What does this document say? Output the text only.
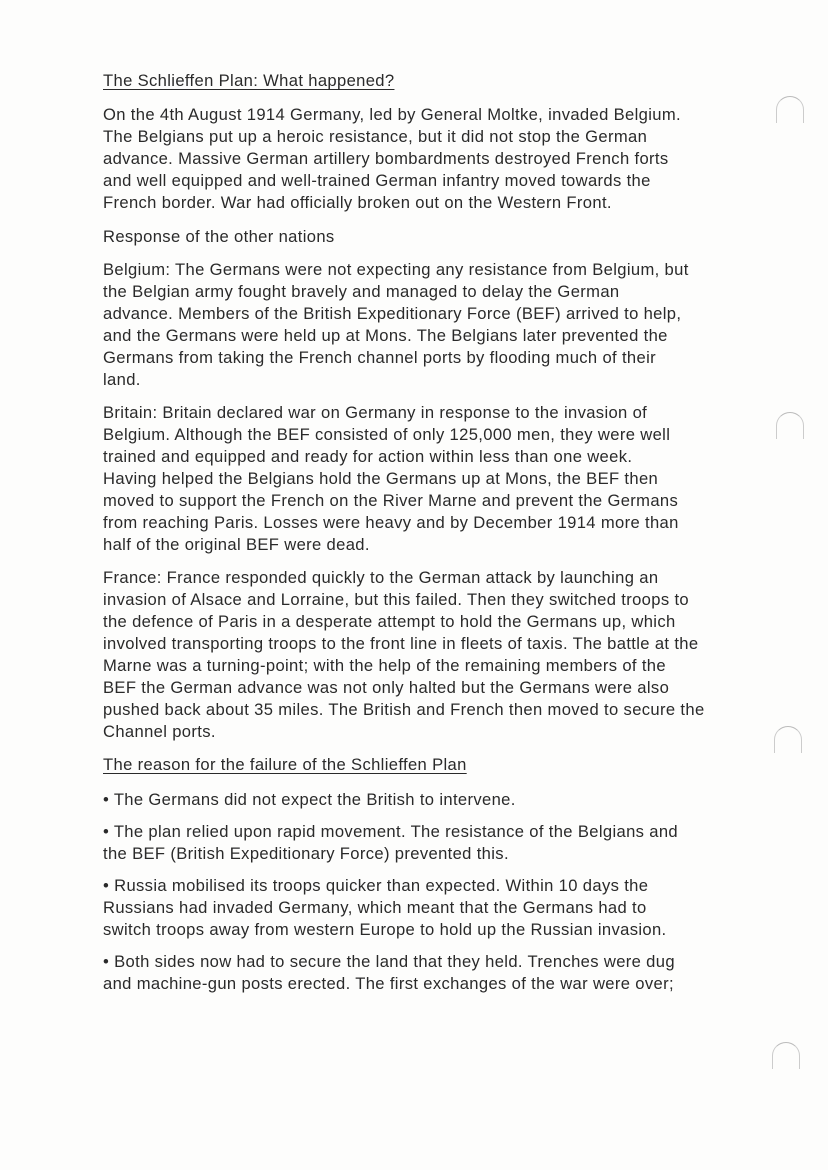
The Schlieffen Plan: What happened?
On the 4th August 1914 Germany, led by General Moltke, invaded Belgium.
The Belgians put up a heroic resistance, but it did not stop the German
advance. Massive German artillery bombardments destroyed French forts
and well equipped and well-trained German infantry moved towards the
French border. War had officially broken out on the Western Front.
Response of the other nations
Belgium: The Germans were not expecting any resistance from Belgium, but
the Belgian army fought bravely and managed to delay the German
advance. Members of the British Expeditionary Force (BEF) arrived to help,
and the Germans were held up at Mons. The Belgians later prevented the
Germans from taking the French channel ports by flooding much of their
land.
Britain: Britain declared war on Germany in response to the invasion of
Belgium. Although the BEF consisted of only 125,000 men, they were well
trained and equipped and ready for action within less than one week.
Having helped the Belgians hold the Germans up at Mons, the BEF then
moved to support the French on the River Marne and prevent the Germans
from reaching Paris. Losses were heavy and by December 1914 more than
half of the original BEF were dead.
France: France responded quickly to the German attack by launching an
invasion of Alsace and Lorraine, but this failed. Then they switched troops to
the defence of Paris in a desperate attempt to hold the Germans up, which
involved transporting troops to the front line in fleets of taxis. The battle at the
Marne was a turning-point; with the help of the remaining members of the
BEF the German advance was not only halted but the Germans were also
pushed back about 35 miles. The British and French then moved to secure the
Channel ports.
The reason for the failure of the Schlieffen Plan
• The Germans did not expect the British to intervene.
• The plan relied upon rapid movement. The resistance of the Belgians and
the BEF (British Expeditionary Force) prevented this.
• Russia mobilised its troops quicker than expected. Within 10 days the
Russians had invaded Germany, which meant that the Germans had to
switch troops away from western Europe to hold up the Russian invasion.
• Both sides now had to secure the land that they held. Trenches were dug
and machine-gun posts erected. The first exchanges of the war were over;
